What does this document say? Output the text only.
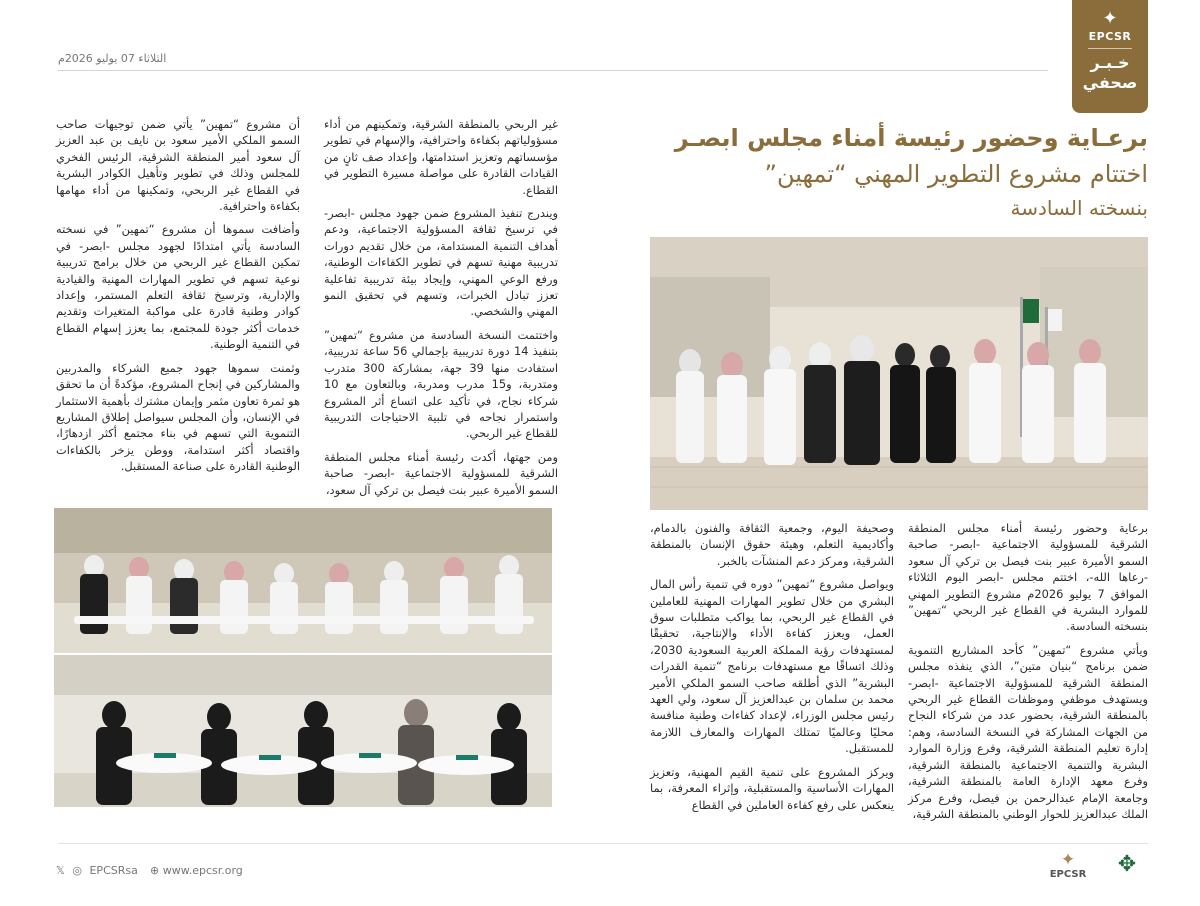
الثلاثاء 07 يوليو 2026م
✦
EPCSR
خـبـر صحفي
برعـاية وحضور رئيسة أمناء مجلس ابصـر
اختتام مشروع التطوير المهني “تمهين”
بنسخته السادسة

غير الربحي بالمنطقة الشرقية، وتمكينهم من أداء مسؤولياتهم بكفاءة واحترافية، والإسهام في تطوير مؤسساتهم وتعزيز استدامتها، وإعداد صف ثانٍ من القيادات القادرة على مواصلة مسيرة التطوير في القطاع.

ويندرج تنفيذ المشروع ضمن جهود مجلس -ابصر- في ترسيخ ثقافة المسؤولية الاجتماعية، ودعم أهداف التنمية المستدامة، من خلال تقديم دورات تدريبية مهنية تسهم في تطوير الكفاءات الوطنية، ورفع الوعي المهني، وإيجاد بيئة تدريبية تفاعلية تعزز تبادل الخبرات، وتسهم في تحقيق النمو المهني والشخصي.

واختتمت النسخة السادسة من مشروع “تمهين” بتنفيذ 14 دورة تدريبية بإجمالي 56 ساعة تدريبية، استفادت منها 39 جهة، بمشاركة 300 متدرب ومتدربة، و15 مدرب ومدربة، وبالتعاون مع 10 شركاء نجاح، في تأكيد على اتساع أثر المشروع واستمرار نجاحه في تلبية الاحتياجات التدريبية للقطاع غير الربحي.

ومن جهتها، أكدت رئيسة أمناء مجلس المنطقة الشرقية للمسؤولية الاجتماعية -ابصر- صاحبة السمو الأميرة عبير بنت فيصل بن تركي آل سعود،

أن مشروع “تمهين” يأتي ضمن توجيهات صاحب السمو الملكي الأمير سعود بن نايف بن عبد العزيز آل سعود أمير المنطقة الشرقية، الرئيس الفخري للمجلس وذلك في تطوير وتأهيل الكوادر البشرية في القطاع غير الربحي، وتمكينها من أداء مهامها بكفاءة واحترافية.

وأضافت سموها أن مشروع “تمهين” في نسخته السادسة يأتي امتدادًا لجهود مجلس -ابصر- في تمكين القطاع غير الربحي من خلال برامج تدريبية نوعية تسهم في تطوير المهارات المهنية والقيادية والإدارية، وترسيخ ثقافة التعلم المستمر، وإعداد كوادر وطنية قادرة على مواكبة المتغيرات وتقديم خدمات أكثر جودة للمجتمع، بما يعزز إسهام القطاع في التنمية الوطنية.

وثمنت سموها جهود جميع الشركاء والمدربين والمشاركين في إنجاح المشروع، مؤكدةً أن ما تحقق هو ثمرة تعاون مثمر وإيمان مشترك بأهمية الاستثمار في الإنسان، وأن المجلس سيواصل إطلاق المشاريع التنموية التي تسهم في بناء مجتمع أكثر ازدهارًا، واقتصاد أكثر استدامة، ووطن يزخر بالكفاءات الوطنية القادرة على صناعة المستقبل.

برعاية وحضور رئيسة أمناء مجلس المنطقة الشرقية للمسؤولية الاجتماعية -ابصر- صاحبة السمو الأميرة عبير بنت فيصل بن تركي آل سعود -رعاها الله-، اختتم مجلس -ابصر اليوم الثلاثاء الموافق 7 يوليو 2026م مشروع التطوير المهني للموارد البشرية في القطاع غير الربحي “تمهين” بنسخته السادسة.

ويأتي مشروع “تمهين” كأحد المشاريع التنموية ضمن برنامج “بنيان متين”، الذي ينفذه مجلس المنطقة الشرقية للمسؤولية الاجتماعية -ابصر- ويستهدف موظفي وموظفات القطاع غير الربحي بالمنطقة الشرقية، بحضور عدد من شركاء النجاح من الجهات المشاركة في النسخة السادسة، وهم: إدارة تعليم المنطقة الشرقية، وفرع وزارة الموارد البشرية والتنمية الاجتماعية بالمنطقة الشرقية، وفرع معهد الإدارة العامة بالمنطقة الشرقية، وجامعة الإمام عبدالرحمن بن فيصل، وفرع مركز الملك عبدالعزيز للحوار الوطني بالمنطقة الشرقية،

وصحيفة اليوم، وجمعية الثقافة والفنون بالدمام، وأكاديمية التعلم، وهيئة حقوق الإنسان بالمنطقة الشرقية، ومركز دعم المنشآت بالخبر.

ويواصل مشروع “تمهين” دوره في تنمية رأس المال البشري من خلال تطوير المهارات المهنية للعاملين في القطاع غير الربحي، بما يواكب متطلبات سوق العمل، ويعزز كفاءة الأداء والإنتاجية، تحقيقًا لمستهدفات رؤية المملكة العربية السعودية 2030، وذلك اتساقًا مع مستهدفات برنامج “تنمية القدرات البشرية” الذي أطلقه صاحب السمو الملكي الأمير محمد بن سلمان بن عبدالعزيز آل سعود، ولي العهد رئيس مجلس الوزراء، لإعداد كفاءات وطنية منافسة محليًا وعالميًا تمتلك المهارات والمعارف اللازمة للمستقبل.

ويركز المشروع على تنمية القيم المهنية، وتعزيز المهارات الأساسية والمستقبلية، وإثراء المعرفة، بما ينعكس على رفع كفاءة العاملين في القطاع

𝕏 ◎ EPCSRsa ⊕ www.epcsr.org
✦
EPCSR	✥
